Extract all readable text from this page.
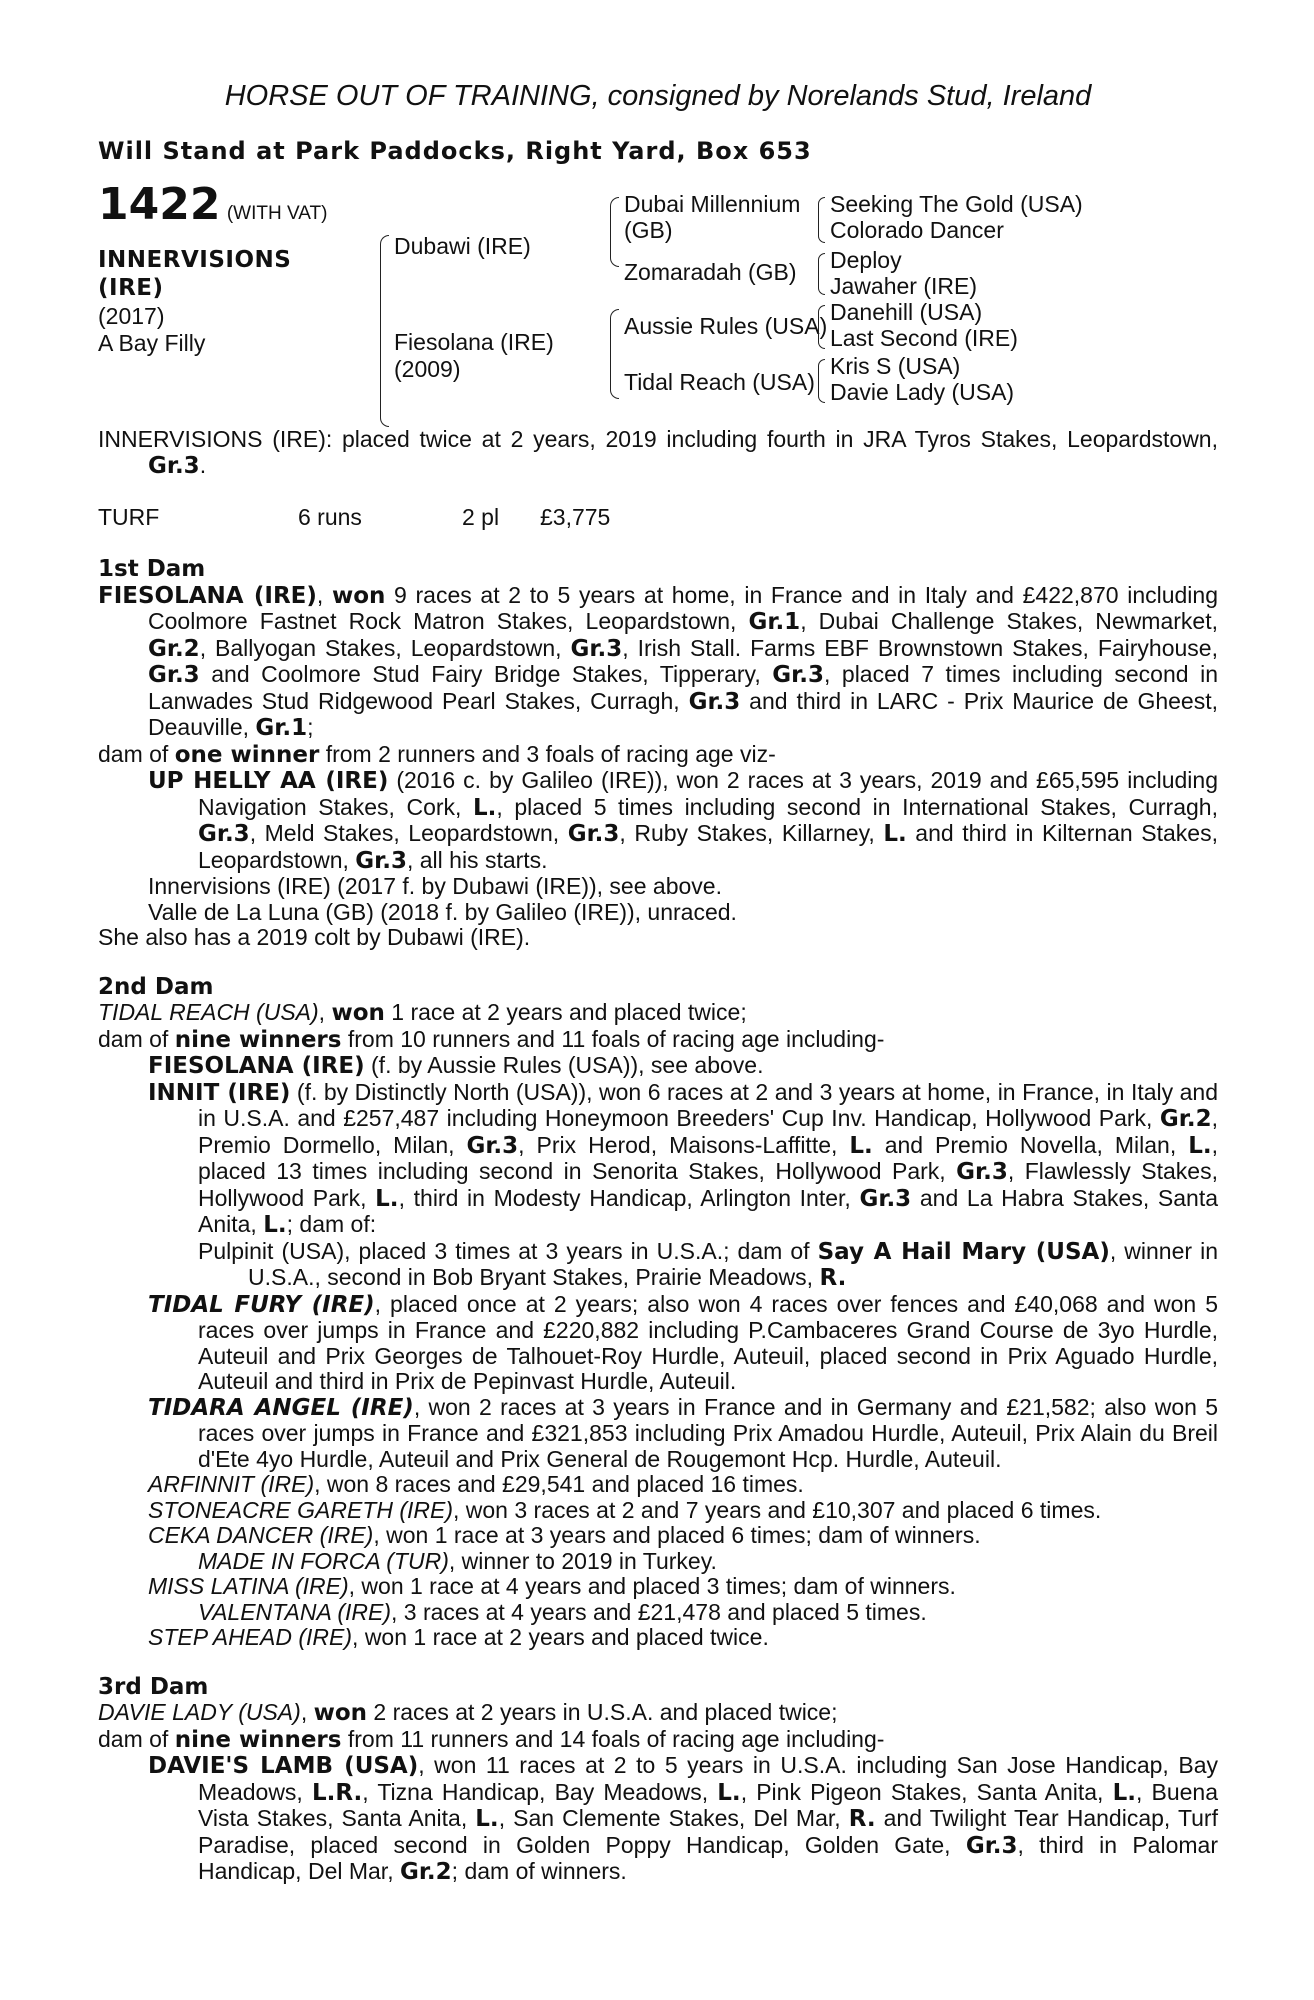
HORSE OUT OF TRAINING, consigned by Norelands Stud, Ireland
Will Stand at Park Paddocks, Right Yard, Box 653
1422 (WITH VAT)
INNERVISIONS
(IRE)
(2017)
A Bay Filly
Dubawi (IRE)
Fiesolana (IRE)
(2009)
Dubai Millennium
(GB)
Zomaradah (GB)
Aussie Rules (USA)
Tidal Reach (USA)
Seeking The Gold (USA)
Colorado Dancer
Deploy
Jawaher (IRE)
Danehill (USA)
Last Second (IRE)
Kris S (USA)
Davie Lady (USA)

INNERVISIONS (IRE): placed twice at 2 years, 2019 including fourth in JRA Tyros Stakes, Leopardstown, Gr.3.

TURF	6 runs	2 pl £3,775
1st Dam

FIESOLANA (IRE), won 9 races at 2 to 5 years at home, in France and in Italy and £422,870 including Coolmore Fastnet Rock Matron Stakes, Leopardstown, Gr.1, Dubai Challenge Stakes, Newmarket, Gr.2, Ballyogan Stakes, Leopardstown, Gr.3, Irish Stall. Farms EBF Brownstown Stakes, Fairyhouse, Gr.3 and Coolmore Stud Fairy Bridge Stakes, Tipperary, Gr.3, placed 7 times including second in Lanwades Stud Ridgewood Pearl Stakes, Curragh, Gr.3 and third in LARC - Prix Maurice de Gheest, Deauville, Gr.1;

dam of one winner from 2 runners and 3 foals of racing age viz-

UP HELLY AA (IRE) (2016 c. by Galileo (IRE)), won 2 races at 3 years, 2019 and £65,595 including Navigation Stakes, Cork, L., placed 5 times including second in International Stakes, Curragh, Gr.3, Meld Stakes, Leopardstown, Gr.3, Ruby Stakes, Killarney, L. and third in Kilternan Stakes, Leopardstown, Gr.3, all his starts.

Innervisions (IRE) (2017 f. by Dubawi (IRE)), see above.

Valle de La Luna (GB) (2018 f. by Galileo (IRE)), unraced.

She also has a 2019 colt by Dubawi (IRE).

2nd Dam

TIDAL REACH (USA), won 1 race at 2 years and placed twice;

dam of nine winners from 10 runners and 11 foals of racing age including-

FIESOLANA (IRE) (f. by Aussie Rules (USA)), see above.

INNIT (IRE) (f. by Distinctly North (USA)), won 6 races at 2 and 3 years at home, in France, in Italy and in U.S.A. and £257,487 including Honeymoon Breeders' Cup Inv. Handicap, Hollywood Park, Gr.2, Premio Dormello, Milan, Gr.3, Prix Herod, Maisons-Laffitte, L. and Premio Novella, Milan, L., placed 13 times including second in Senorita Stakes, Hollywood Park, Gr.3, Flawlessly Stakes, Hollywood Park, L., third in Modesty Handicap, Arlington Inter, Gr.3 and La Habra Stakes, Santa Anita, L.; dam of:

Pulpinit (USA), placed 3 times at 3 years in U.S.A.; dam of Say A Hail Mary (USA), winner in U.S.A., second in Bob Bryant Stakes, Prairie Meadows, R.

TIDAL FURY (IRE), placed once at 2 years; also won 4 races over fences and £40,068 and won 5 races over jumps in France and £220,882 including P.Cambaceres Grand Course de 3yo Hurdle, Auteuil and Prix Georges de Talhouet-Roy Hurdle, Auteuil, placed second in Prix Aguado Hurdle, Auteuil and third in Prix de Pepinvast Hurdle, Auteuil.

TIDARA ANGEL (IRE), won 2 races at 3 years in France and in Germany and £21,582; also won 5 races over jumps in France and £321,853 including Prix Amadou Hurdle, Auteuil, Prix Alain du Breil d'Ete 4yo Hurdle, Auteuil and Prix General de Rougemont Hcp. Hurdle, Auteuil.

ARFINNIT (IRE), won 8 races and £29,541 and placed 16 times.

STONEACRE GARETH (IRE), won 3 races at 2 and 7 years and £10,307 and placed 6 times.

CEKA DANCER (IRE), won 1 race at 3 years and placed 6 times; dam of winners.

MADE IN FORCA (TUR), winner to 2019 in Turkey.

MISS LATINA (IRE), won 1 race at 4 years and placed 3 times; dam of winners.

VALENTANA (IRE), 3 races at 4 years and £21,478 and placed 5 times.

STEP AHEAD (IRE), won 1 race at 2 years and placed twice.

3rd Dam

DAVIE LADY (USA), won 2 races at 2 years in U.S.A. and placed twice;

dam of nine winners from 11 runners and 14 foals of racing age including-

DAVIE'S LAMB (USA), won 11 races at 2 to 5 years in U.S.A. including San Jose Handicap, Bay Meadows, L.R., Tizna Handicap, Bay Meadows, L., Pink Pigeon Stakes, Santa Anita, L., Buena Vista Stakes, Santa Anita, L., San Clemente Stakes, Del Mar, R. and Twilight Tear Handicap, Turf Paradise, placed second in Golden Poppy Handicap, Golden Gate, Gr.3, third in Palomar Handicap, Del Mar, Gr.2; dam of winners.
